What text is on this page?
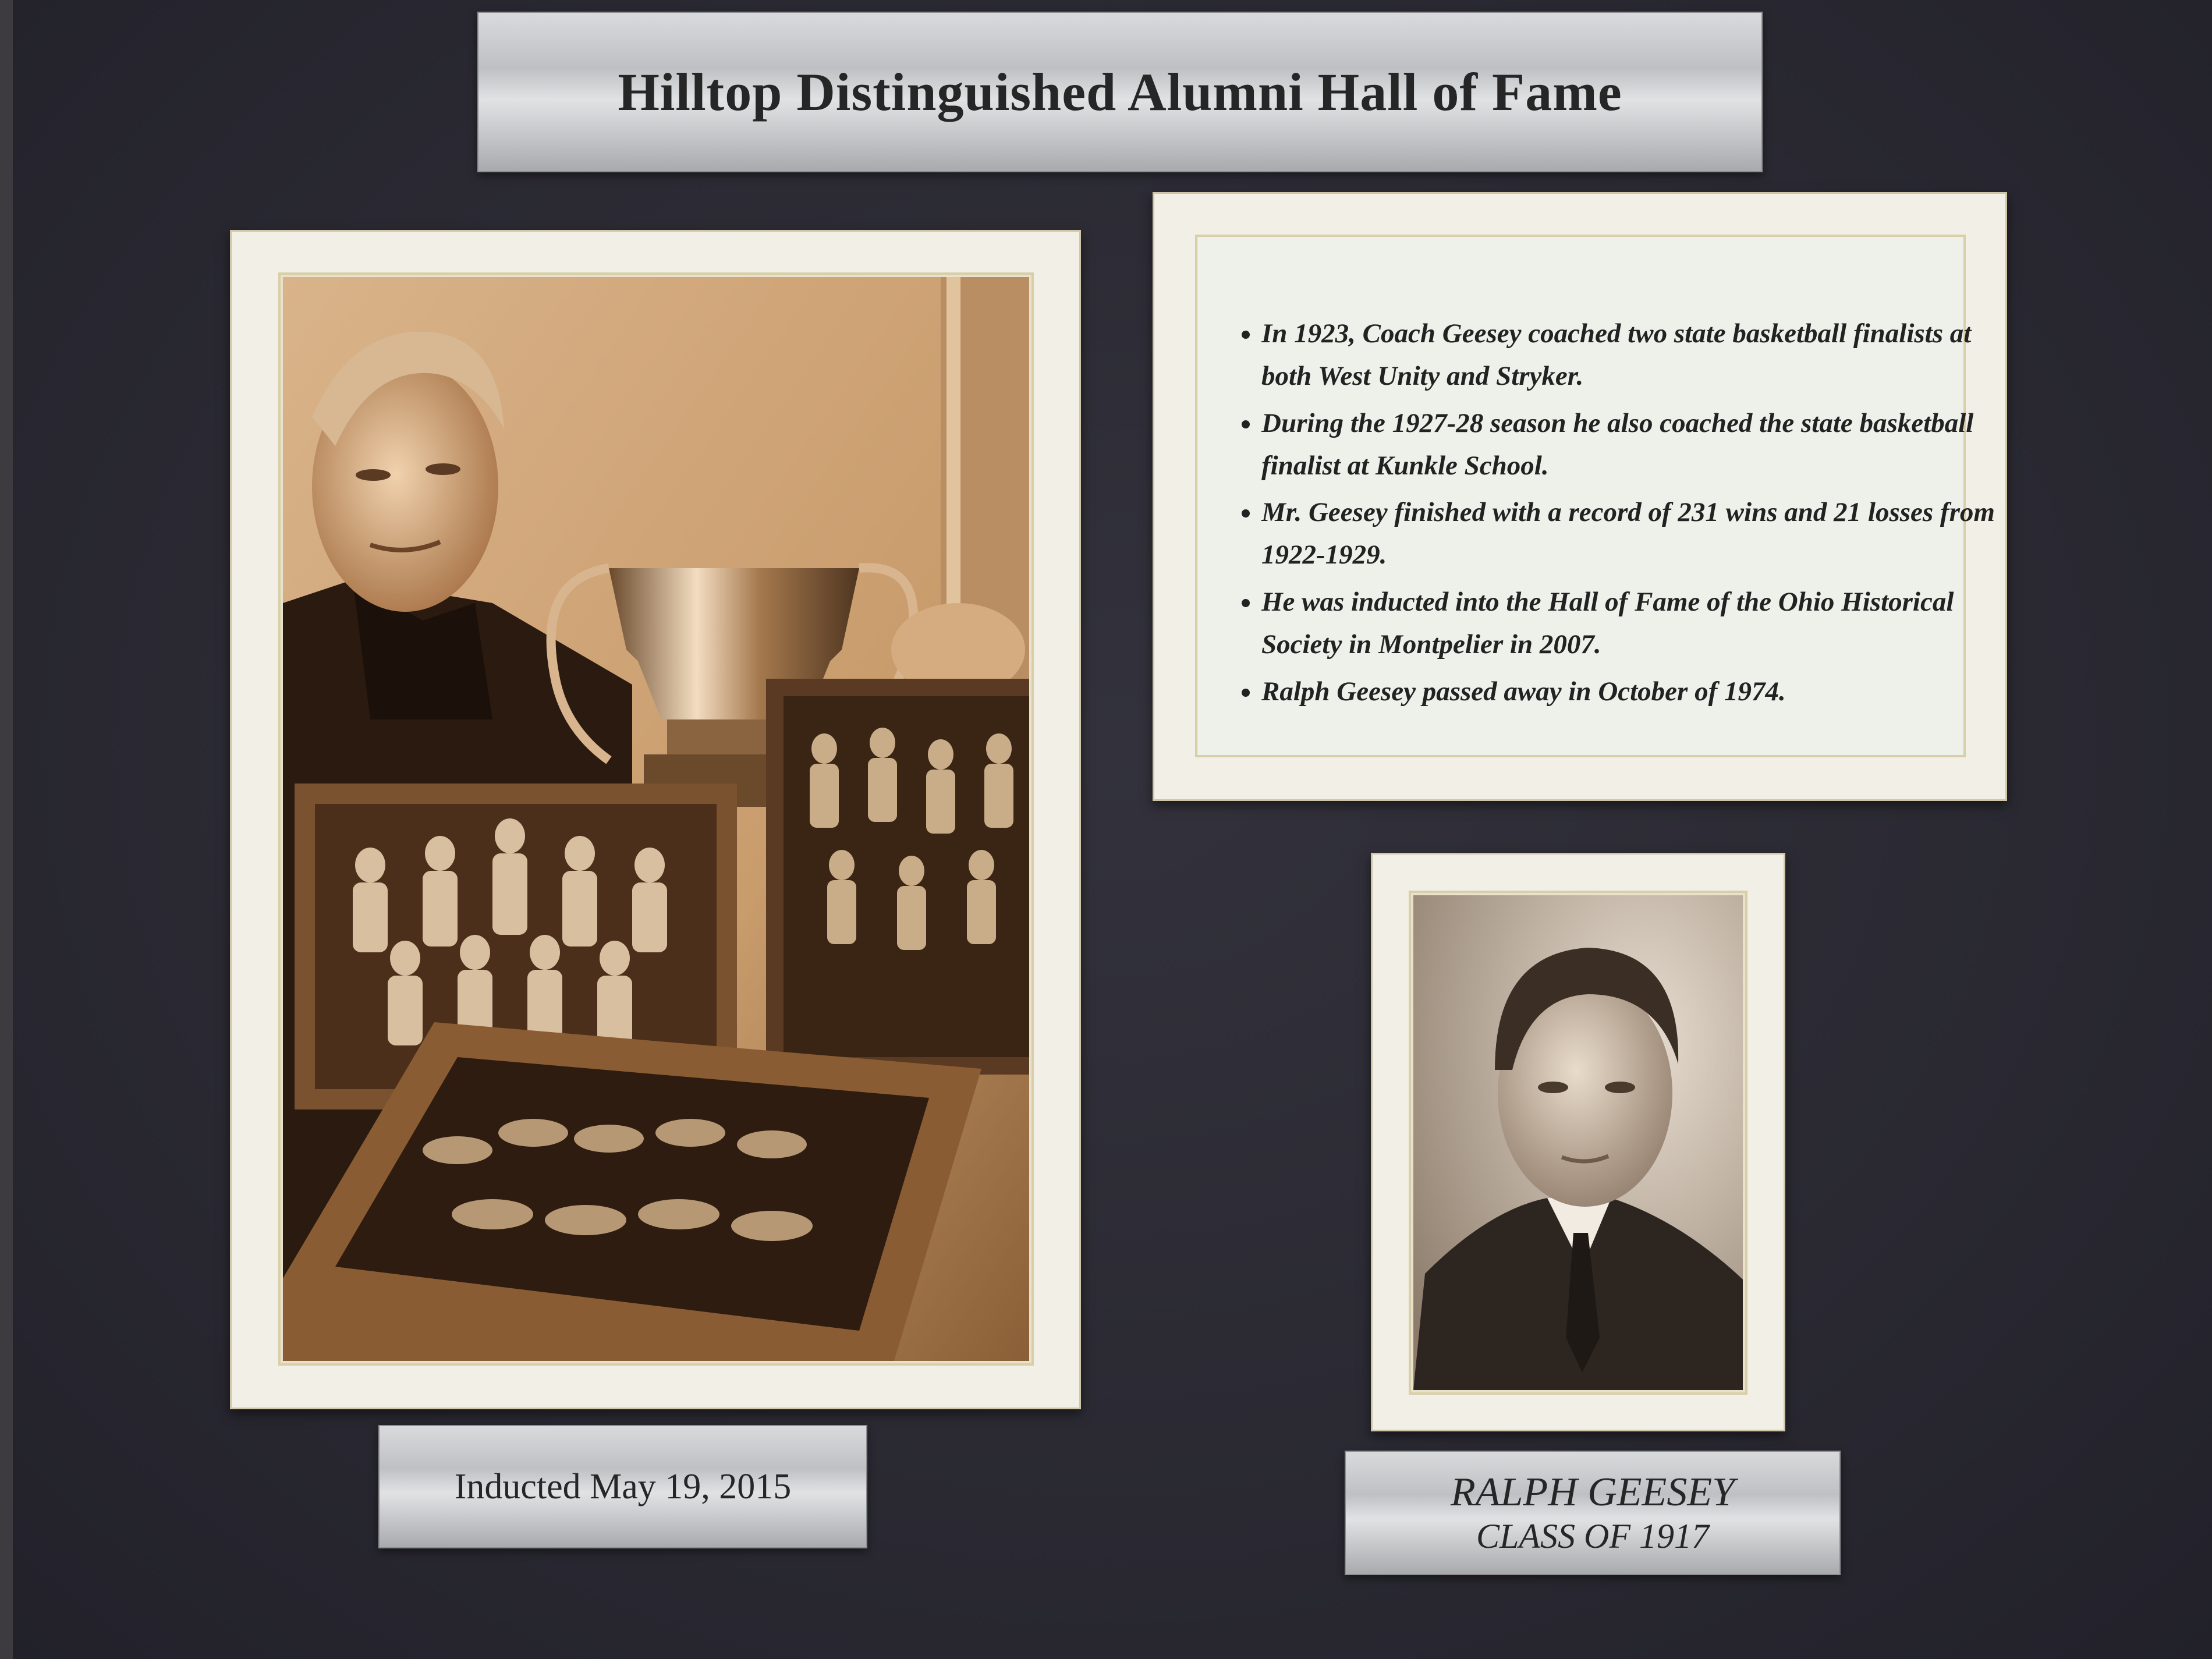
Hilltop Distinguished Alumni Hall of Fame
• In 1923, Coach Geesey coached two state basketball finalists at both West Unity and Stryker.
• During the 1927-28 season he also coached the state basketball finalist at Kunkle School.
• Mr. Geesey finished with a record of 231 wins and 21 losses from 1922-1929.
• He was inducted into the Hall of Fame of the Ohio Historical Society in Montpelier in 2007.
• Ralph Geesey passed away in October of 1974.
Inducted May 19, 2015	RALPH GEESEY
CLASS OF 1917
